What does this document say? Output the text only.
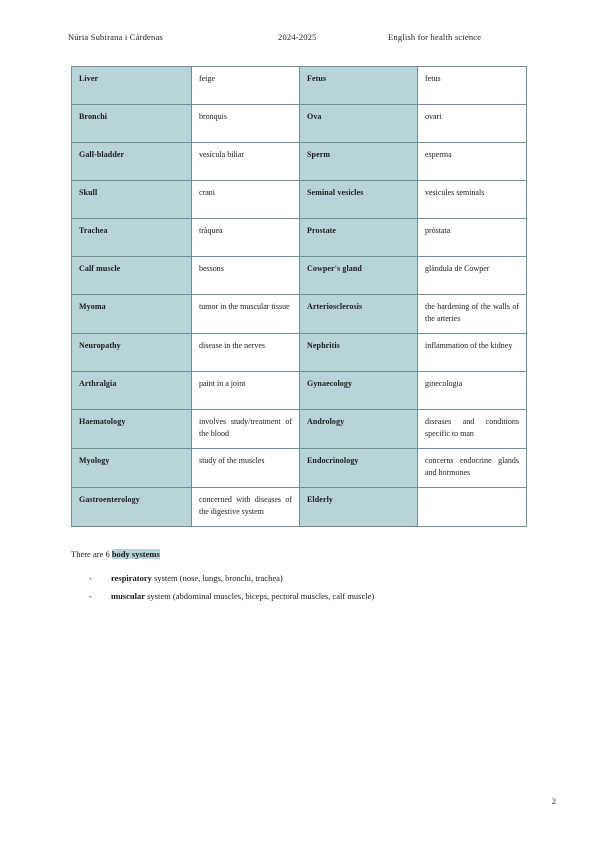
Núria Subirana i Cárdenas	2024-2025	English for health science
Liver	fetge	Fetus	fetus
Bronchi	bronquis	Ova	ovari
Gall-bladder	vesícula biliar	Sperm	esperma
Skull	crani	Seminal vesicles	vesicules seminals
Trachea	tràquea	Prostate	pròstata
Calf muscle	bessons	Cowper's gland	glàndula de Cowper
Myoma	tumor in the muscular tissue	Arteriosclerosis	the hardening of the walls of the arteries
Neuropathy	disease in the nerves	Nephritis	inflammation of the kidney
Arthralgia	paint in a joint	Gynaecology	ginecologia
Haematology	involves study/treatment of the blood	Andrology	diseases and conditions specific to man
Myology	study of the muscles	Endocrinology	concerns endocrine glands and hormones
Gastroenterology	concerned with diseases of the digestive system	Elderly	
There are 6 body systems
-	respiratory system (nose, lungs, bronchi, trachea)
-	muscular system (abdominal muscles, biceps, pectoral muscles, calf muscle)
2
